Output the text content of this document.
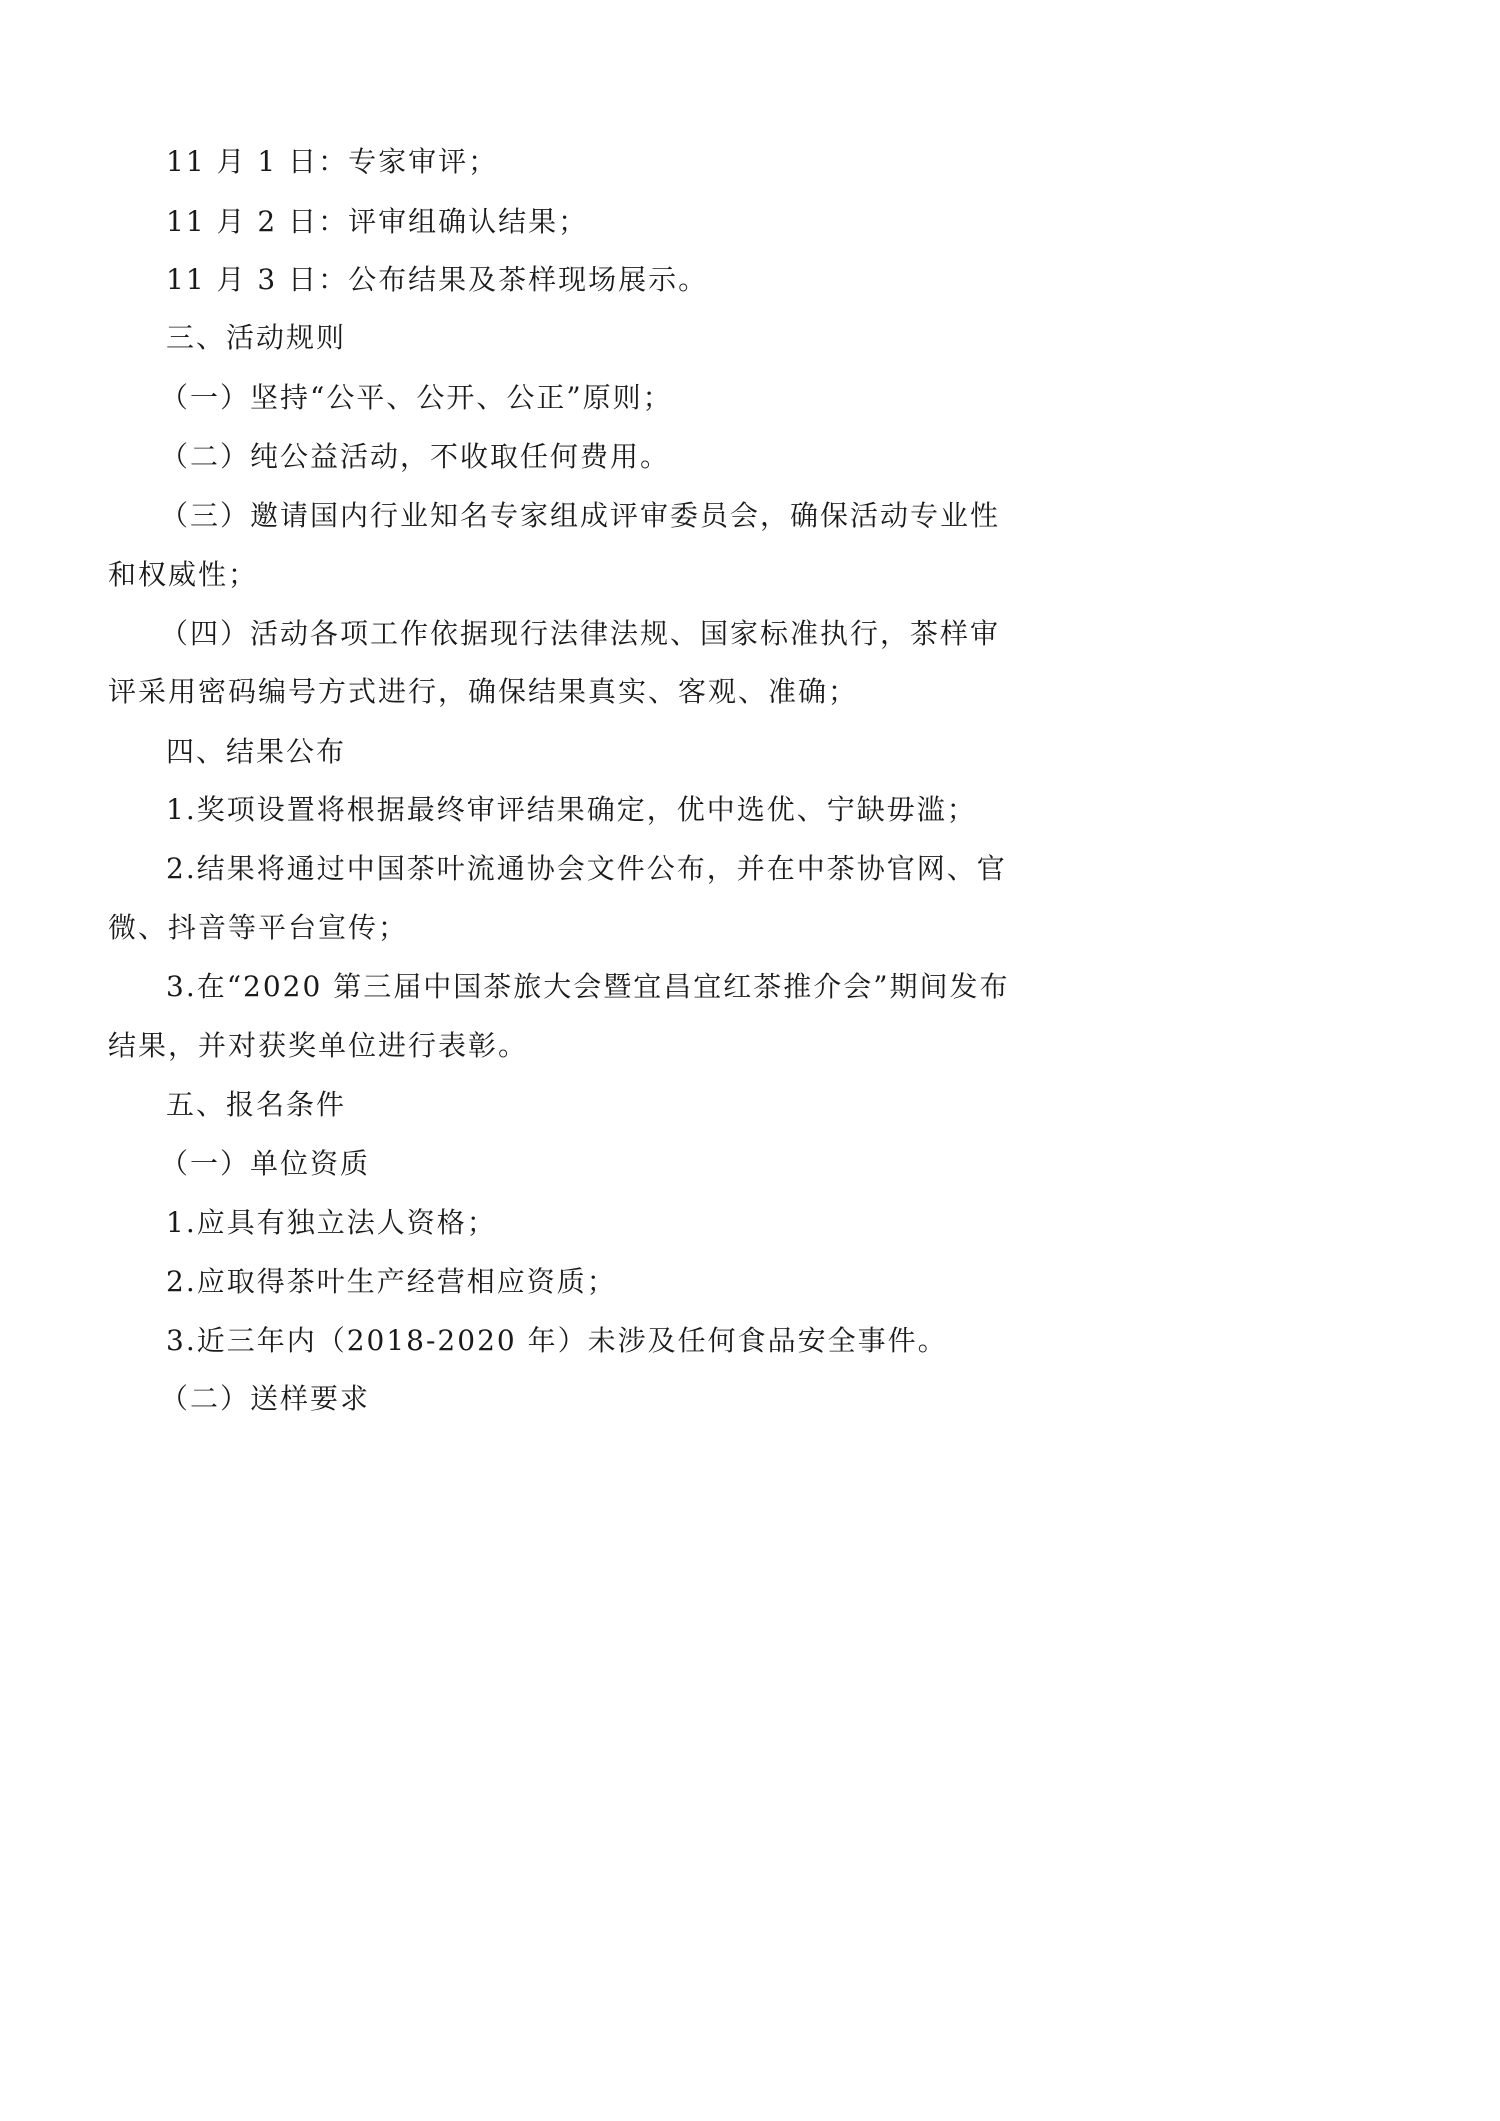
11 月 1 日：专家审评；
11 月 2 日：评审组确认结果；
11 月 3 日：公布结果及茶样现场展示。
三、活动规则
（一）坚持“公平、公开、公正”原则；
（二）纯公益活动，不收取任何费用。
（三）邀请国内行业知名专家组成评审委员会，确保活动专业性
和权威性；
（四）活动各项工作依据现行法律法规、国家标准执行，茶样审
评采用密码编号方式进行，确保结果真实、客观、准确；
四、结果公布
1.奖项设置将根据最终审评结果确定，优中选优、宁缺毋滥；
2.结果将通过中国茶叶流通协会文件公布，并在中茶协官网、官
微、抖音等平台宣传；
3.在“2020 第三届中国茶旅大会暨宜昌宜红茶推介会”期间发布
结果，并对获奖单位进行表彰。
五、报名条件
（一）单位资质
1.应具有独立法人资格；
2.应取得茶叶生产经营相应资质；
3.近三年内（2018-2020 年）未涉及任何食品安全事件。
（二）送样要求
